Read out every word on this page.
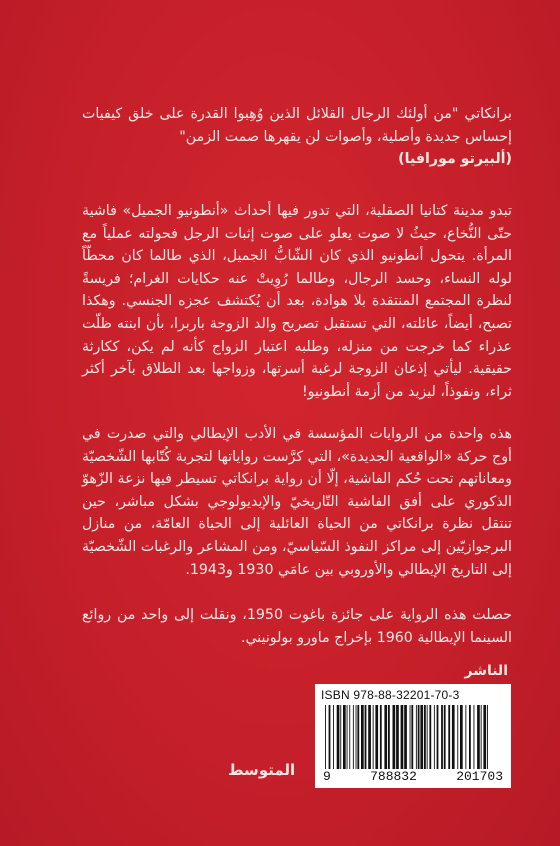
برانكاتي "من أولئك الرجال القلائل الذين وُهِبوا القدرة على خلق كيفيات إحساس جديدة وأصلية، وأصوات لن يقهرها صمت الزمن"

(ألبيرتو مورافيا)

تبدو مدينة كتانيا الصقلية، التي تدور فيها أحداث «أنطونيو الجميل» فاشية حتّى النُّخاع، حيثُ لا صوت يعلو على صوت إثبات الرجل فحولته عملياً مع المرأة. يتحول أنطونيو الذي كان الشّابُّ الجميل، الذي طالما كان محطّاً لوله النساء، وحسد الرجال، وطالما رُوِيتْ عنه حكايات الغرام؛ فريسةً لنظرة المجتمع المنتقدة بلا هوادة، بعد أن يُكتشف عجزه الجنسي. وهكذا تصبح، أيضاً، عائلته، التي تستقبل تصريح والد الزوجة باربرا، بأن ابنته ظلّت عذراء كما خرجت من منزله، وطلبه اعتبار الزواج كأنه لم يكن، ككارثة حقيقية. ليأتي إذعان الزوجة لرغبة أسرتها، وزواجها بعد الطلاق بآخر أكثر ثراء، ونفوذاً، ليزيد من أزمة أنطونيو!

هذه واحدة من الروايات المؤسسة في الأدب الإيطالي والتي صدرت في أوج حركة «الواقعية الجديدة»، التي كرَّست رواياتها لتجربة كُتّابها الشّخصيّة ومعاناتهم تحت حُكم الفاشية، إلّا أن رواية برانكاتي تسيطر فيها نزعة الزّهوّ الذكوري على أفق الفاشية التّاريخيّ والإيديولوجي بشكل مباشر، حين تنتقل نظرة برانكاتي من الحياة العائلية إلى الحياة العامّة، من منازل البرجوازيّين إلى مراكز النفوذ السّياسيّ، ومن المشاعر والرغبات الشّخصيّة إلى التاريخ الإيطالي والأوروبي بين عامَي 1930 و1943.

حصلت هذه الرواية على جائزة باغوت 1950، ونقلت إلى واحد من روائع السينما الإيطالية 1960 بإخراج ماورو بولونيني.

الناشر
ISBN 978-88-32201-70-3
9	788832	201703
المتوسط
